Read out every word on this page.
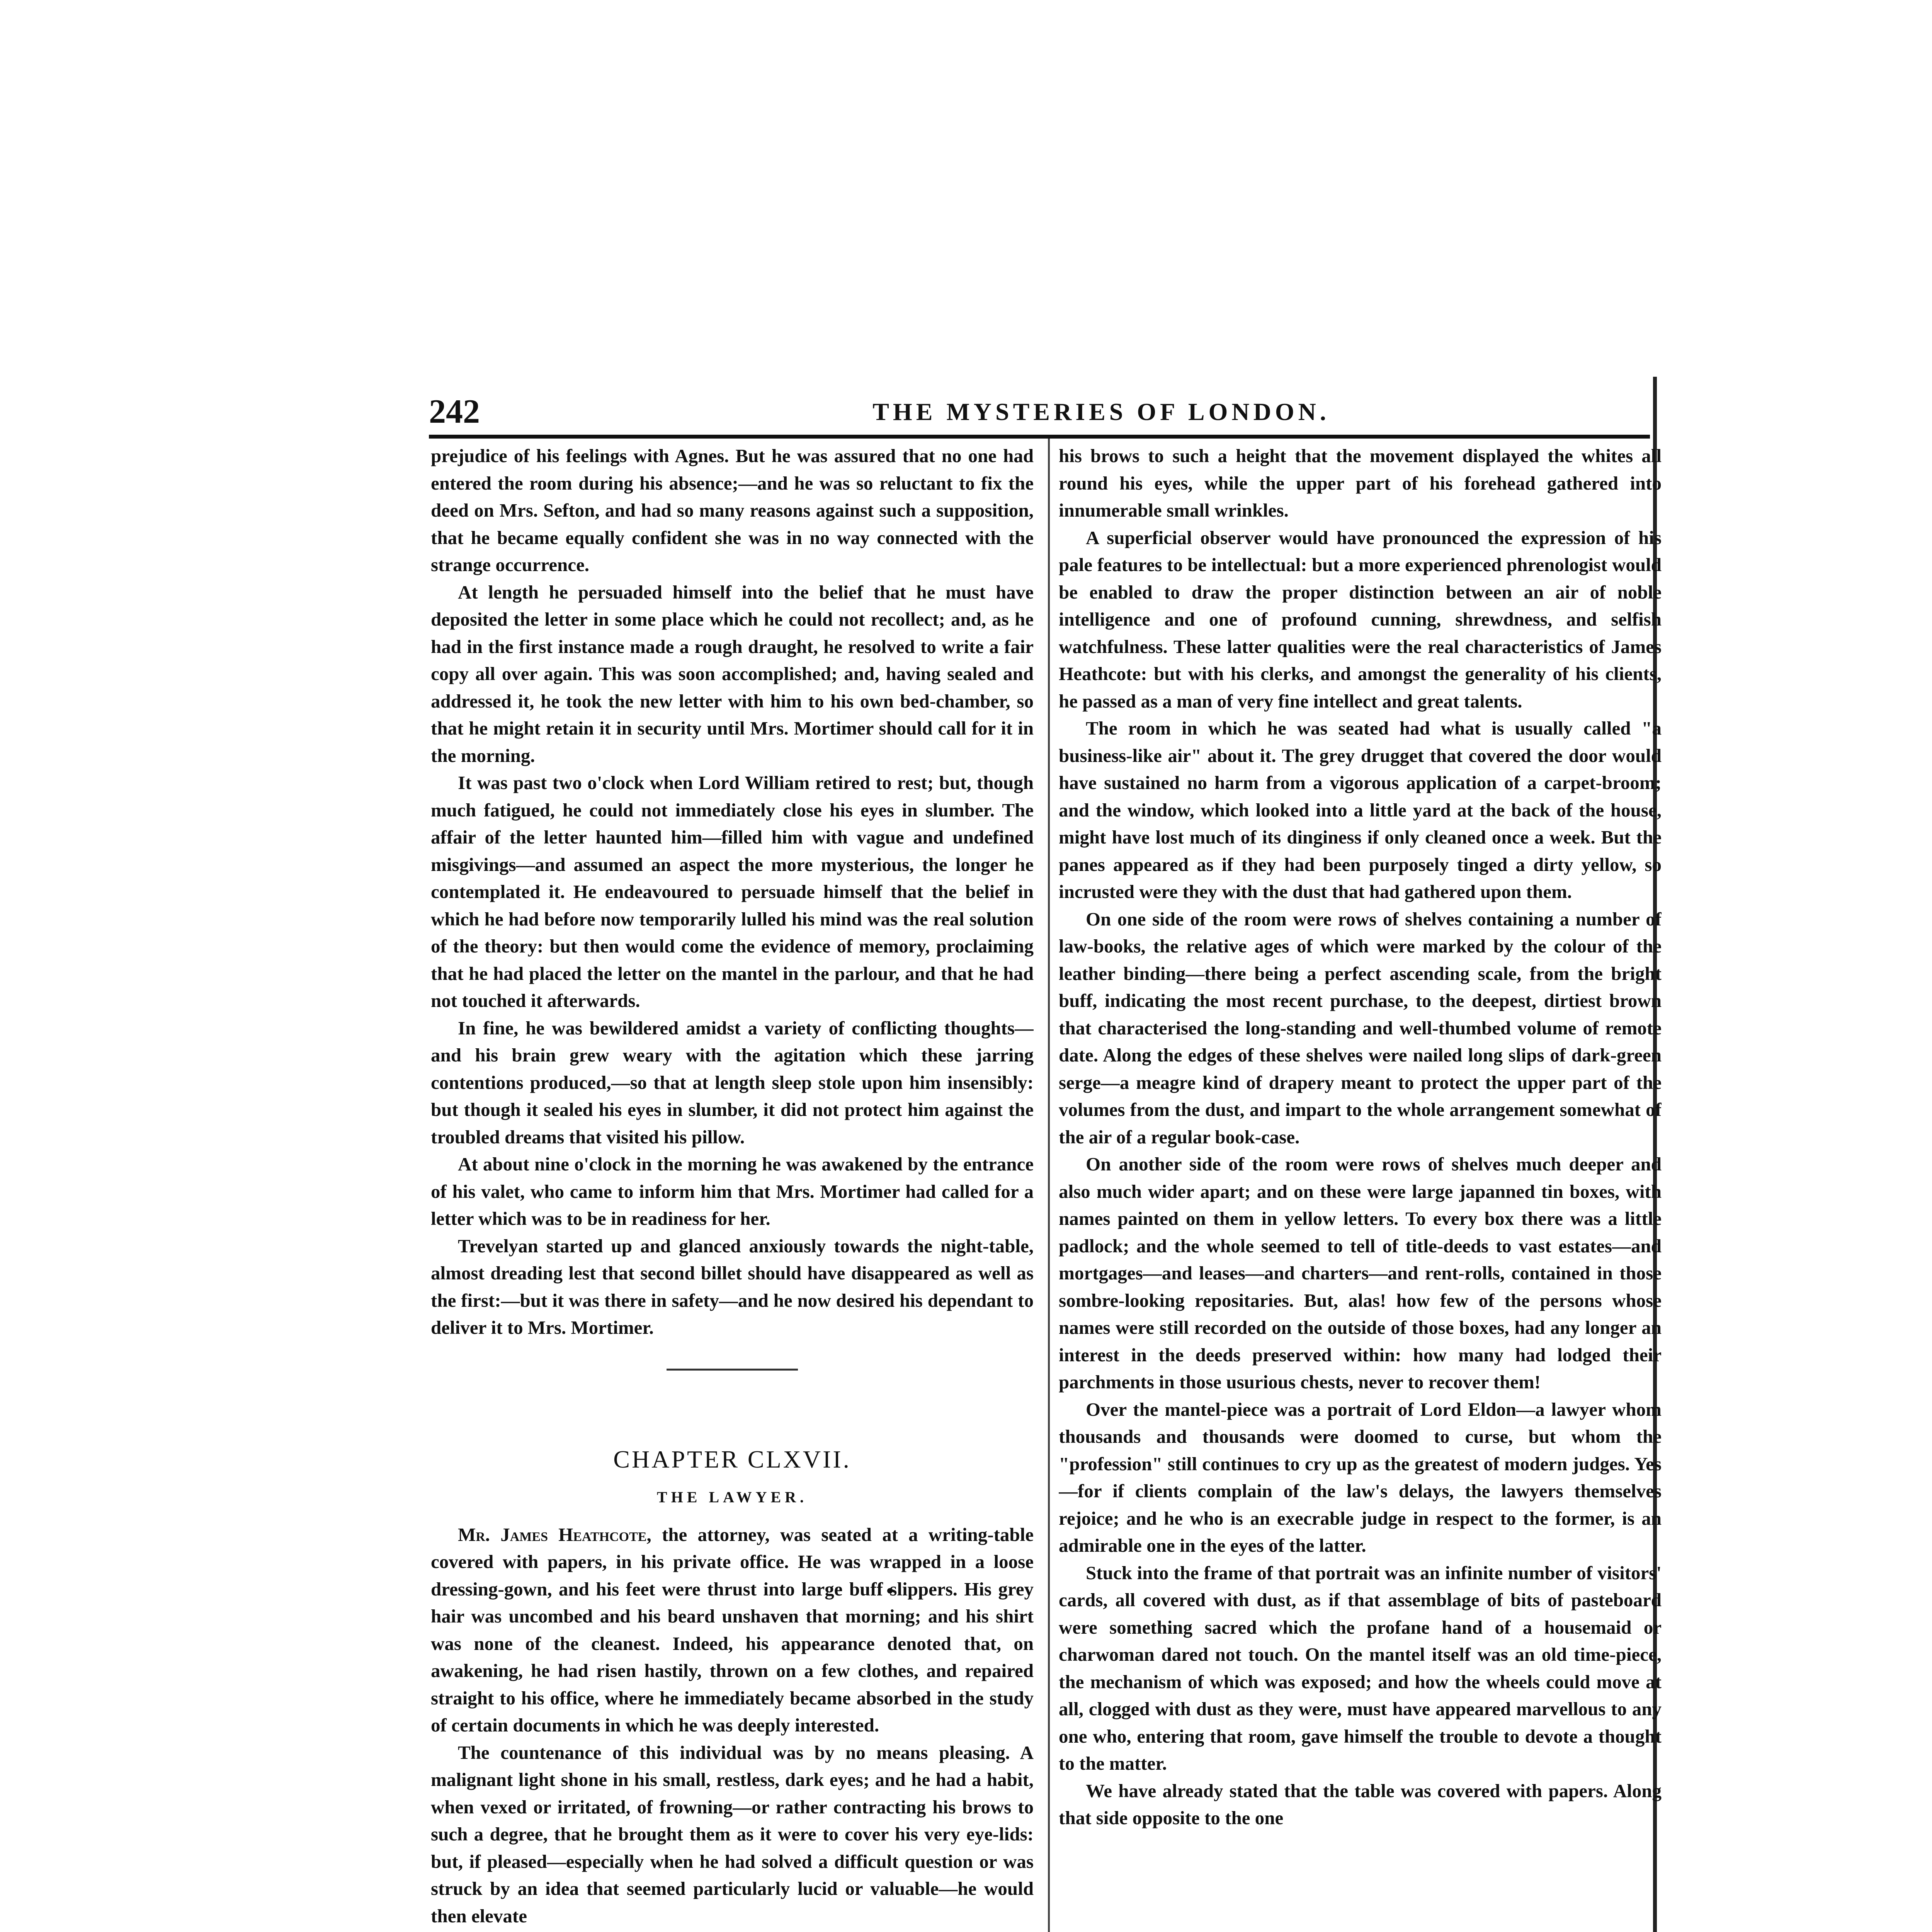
242	THE MYSTERIES OF LONDON.

prejudice of his feelings with Agnes. But he was assured that no one had entered the room during his absence;—and he was so reluctant to fix the deed on Mrs. Sefton, and had so many reasons against such a supposition, that he became equally confident she was in no way connected with the strange occurrence.

At length he persuaded himself into the belief that he must have deposited the letter in some place which he could not recollect; and, as he had in the first instance made a rough draught, he resolved to write a fair copy all over again. This was soon accomplished; and, having sealed and addressed it, he took the new letter with him to his own bed-chamber, so that he might retain it in security until Mrs. Mortimer should call for it in the morning.

It was past two o'clock when Lord William retired to rest; but, though much fatigued, he could not immediately close his eyes in slumber. The affair of the letter haunted him—filled him with vague and undefined misgivings—and assumed an aspect the more mysterious, the longer he contemplated it. He endeavoured to persuade himself that the belief in which he had before now temporarily lulled his mind was the real solution of the theory: but then would come the evidence of memory, proclaiming that he had placed the letter on the mantel in the parlour, and that he had not touched it afterwards.

In fine, he was bewildered amidst a variety of conflicting thoughts—and his brain grew weary with the agitation which these jarring contentions produced,—so that at length sleep stole upon him insensibly: but though it sealed his eyes in slumber, it did not protect him against the troubled dreams that visited his pillow.

At about nine o'clock in the morning he was awakened by the entrance of his valet, who came to inform him that Mrs. Mortimer had called for a letter which was to be in readiness for her.

Trevelyan started up and glanced anxiously towards the night-table, almost dreading lest that second billet should have disappeared as well as the first:—but it was there in safety—and he now desired his dependant to deliver it to Mrs. Mortimer.

CHAPTER CLXVII.
THE LAWYER.

Mr. James Heathcote, the attorney, was seated at a writing-table covered with papers, in his private office. He was wrapped in a loose dressing-gown, and his feet were thrust into large buff slippers. His grey hair was uncombed and his beard unshaven that morning; and his shirt was none of the cleanest. Indeed, his appearance denoted that, on awakening, he had risen hastily, thrown on a few clothes, and repaired straight to his office, where he immediately became absorbed in the study of certain documents in which he was deeply interested.

The countenance of this individual was by no means pleasing. A malignant light shone in his small, restless, dark eyes; and he had a habit, when vexed or irritated, of frowning—or rather contracting his brows to such a degree, that he brought them as it were to cover his very eye-lids: but, if pleased—especially when he had solved a difficult question or was struck by an idea that seemed particularly lucid or valuable—he would then elevate

his brows to such a height that the movement displayed the whites all round his eyes, while the upper part of his forehead gathered into innumerable small wrinkles.

A superficial observer would have pronounced the expression of his pale features to be intellectual: but a more experienced phrenologist would be enabled to draw the proper distinction between an air of noble intelligence and one of profound cunning, shrewdness, and selfish watchfulness. These latter qualities were the real characteristics of James Heathcote: but with his clerks, and amongst the generality of his clients, he passed as a man of very fine intellect and great talents.

The room in which he was seated had what is usually called "a business-like air" about it. The grey drugget that covered the door would have sustained no harm from a vigorous application of a carpet-broom; and the window, which looked into a little yard at the back of the house, might have lost much of its dinginess if only cleaned once a week. But the panes appeared as if they had been purposely tinged a dirty yellow, so incrusted were they with the dust that had gathered upon them.

On one side of the room were rows of shelves containing a number of law-books, the relative ages of which were marked by the colour of the leather binding—there being a perfect ascending scale, from the bright buff, indicating the most recent purchase, to the deepest, dirtiest brown that characterised the long-standing and well-thumbed volume of remote date. Along the edges of these shelves were nailed long slips of dark-green serge—a meagre kind of drapery meant to protect the upper part of the volumes from the dust, and impart to the whole arrangement somewhat of the air of a regular book-case.

On another side of the room were rows of shelves much deeper and also much wider apart; and on these were large japanned tin boxes, with names painted on them in yellow letters. To every box there was a little padlock; and the whole seemed to tell of title-deeds to vast estates—and mortgages—and leases—and charters—and rent-rolls, contained in those sombre-looking repositaries. But, alas! how few of the persons whose names were still recorded on the outside of those boxes, had any longer an interest in the deeds preserved within: how many had lodged their parchments in those usurious chests, never to recover them!

Over the mantel-piece was a portrait of Lord Eldon—a lawyer whom thousands and thousands were doomed to curse, but whom the "profession" still continues to cry up as the greatest of modern judges. Yes—for if clients complain of the law's delays, the lawyers themselves rejoice; and he who is an execrable judge in respect to the former, is an admirable one in the eyes of the latter.

Stuck into the frame of that portrait was an infinite number of visitors' cards, all covered with dust, as if that assemblage of bits of pasteboard were something sacred which the profane hand of a housemaid or charwoman dared not touch. On the mantel itself was an old time-piece, the mechanism of which was exposed; and how the wheels could move at all, clogged with dust as they were, must have appeared marvellous to any one who, entering that room, gave himself the trouble to devote a thought to the matter.

We have already stated that the table was covered with papers. Along that side opposite to the one
